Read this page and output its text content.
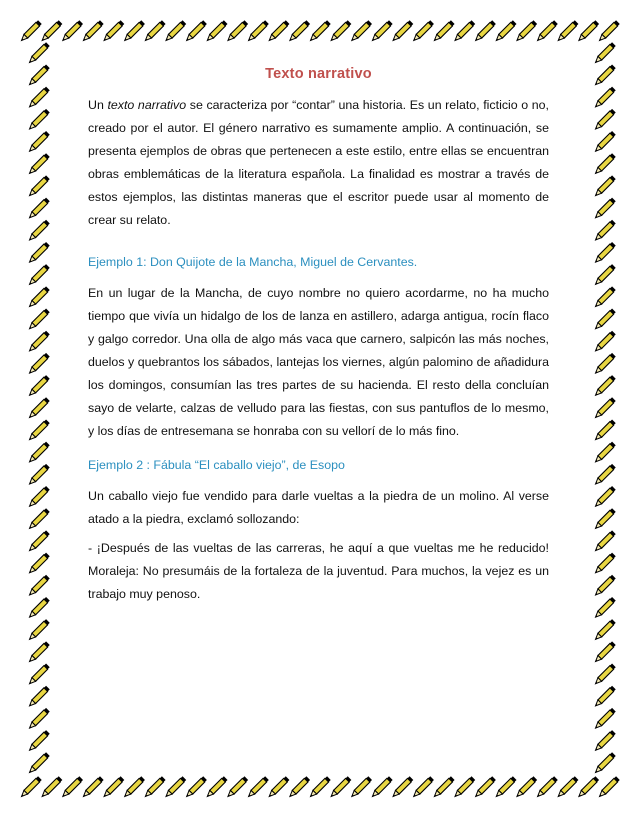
Texto narrativo

Un texto narrativo se caracteriza por “contar” una historia. Es un relato, ficticio o no, creado por el autor. El género narrativo es sumamente amplio. A continuación, se presenta ejemplos de obras que pertenecen a este estilo, entre ellas se encuentran obras emblemáticas de la literatura española. La finalidad es mostrar a través de estos ejemplos, las distintas maneras que el escritor puede usar al momento de crear su relato.

Ejemplo 1: Don Quijote de la Mancha, Miguel de Cervantes.

En un lugar de la Mancha, de cuyo nombre no quiero acordarme, no ha mucho tiempo que vivía un hidalgo de los de lanza en astillero, adarga antigua, rocín flaco y galgo corredor. Una olla de algo más vaca que carnero, salpicón las más noches, duelos y quebrantos los sábados, lantejas los viernes, algún palomino de añadidura los domingos, consumían las tres partes de su hacienda. El resto della concluían sayo de velarte, calzas de velludo para las fiestas, con sus pantuflos de lo mesmo, y los días de entresemana se honraba con su vellorí de lo más fino.

Ejemplo 2 : Fábula “El caballo viejo”, de Esopo

Un caballo viejo fue vendido para darle vueltas a la piedra de un molino. Al verse atado a la piedra, exclamó sollozando:

- ¡Después de las vueltas de las carreras, he aquí a que vueltas me he reducido! Moraleja: No presumáis de la fortaleza de la juventud. Para muchos, la vejez es un trabajo muy penoso.
